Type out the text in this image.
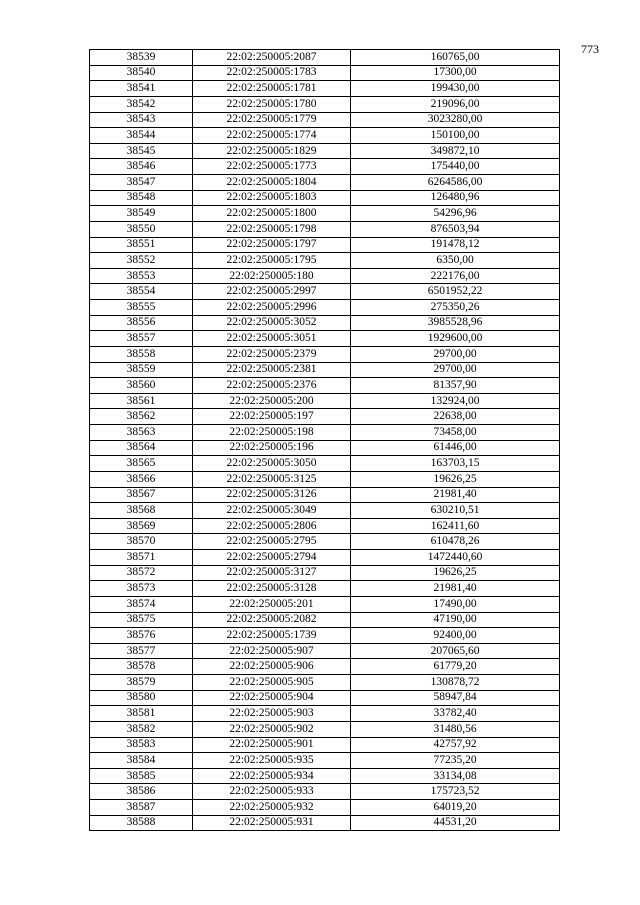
773
38539	22:02:250005:2087	160765,00
38540	22:02:250005:1783	17300,00
38541	22:02:250005:1781	199430,00
38542	22:02:250005:1780	219096,00
38543	22:02:250005:1779	3023280,00
38544	22:02:250005:1774	150100,00
38545	22:02:250005:1829	349872,10
38546	22:02:250005:1773	175440,00
38547	22:02:250005:1804	6264586,00
38548	22:02:250005:1803	126480,96
38549	22:02:250005:1800	54296,96
38550	22:02:250005:1798	876503,94
38551	22:02:250005:1797	191478,12
38552	22:02:250005:1795	6350,00
38553	22:02:250005:180	222176,00
38554	22:02:250005:2997	6501952,22
38555	22:02:250005:2996	275350,26
38556	22:02:250005:3052	3985528,96
38557	22:02:250005:3051	1929600,00
38558	22:02:250005:2379	29700,00
38559	22:02:250005:2381	29700,00
38560	22:02:250005:2376	81357,90
38561	22:02:250005:200	132924,00
38562	22:02:250005:197	22638,00
38563	22:02:250005:198	73458,00
38564	22:02:250005:196	61446,00
38565	22:02:250005:3050	163703,15
38566	22:02:250005:3125	19626,25
38567	22:02:250005:3126	21981,40
38568	22:02:250005:3049	630210,51
38569	22:02:250005:2806	162411,60
38570	22:02:250005:2795	610478,26
38571	22:02:250005:2794	1472440,60
38572	22:02:250005:3127	19626,25
38573	22:02:250005:3128	21981,40
38574	22:02:250005:201	17490,00
38575	22:02:250005:2082	47190,00
38576	22:02:250005:1739	92400,00
38577	22:02:250005:907	207065,60
38578	22:02:250005:906	61779,20
38579	22:02:250005:905	130878,72
38580	22:02:250005:904	58947,84
38581	22:02:250005:903	33782,40
38582	22:02:250005:902	31480,56
38583	22:02:250005:901	42757,92
38584	22:02:250005:935	77235,20
38585	22:02:250005:934	33134,08
38586	22:02:250005:933	175723,52
38587	22:02:250005:932	64019,20
38588	22:02:250005:931	44531,20
